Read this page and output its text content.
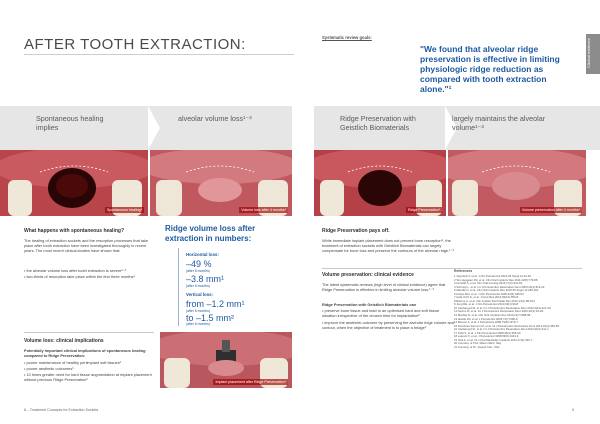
AFTER TOOTH EXTRACTION:	Systematic review goals:
"We found that alveolar ridge preservation is effective in limiting physiologic ridge reduction as compared with tooth extraction alone."¹
Clinical evidence
Spontaneous healing implies
alveolar volume loss¹⁻³	Ridge Preservation with Geistlich Biomaterials
largely maintains the alveolar volume¹⁻³
Spontaneous healing*	Volume loss after 4 months*	Ridge Preservation*	Volume preservation after 4 months*
What happens with spontaneous healing?
The healing of extraction sockets and the resorption processes that take place after tooth extraction have been investigated thoroughly in recent years. The most recent clinical studies have shown that:
• the alveolar volume loss after tooth extraction is severe¹⁻³
• two-thirds of resorption take place within the first three months⁴
Ridge volume loss after extraction in numbers:
Horizontal loss:
–49 %
(after 6 months)
–3.8 mm¹
(after 6 months)
Vertical loss:
from –1.2 mm¹
(after 6 months)
to –1.5 mm²
(after 6 months)
Volume loss: clinical implications
Potentially important clinical implications of spontaneous healing compared to Ridge Preservation:
• poorer maintenance of healthy periimplant soft tissues²
• poorer aesthetic outcomes³
• 10 times greater need for hard tissue augmentation at implant placement without previous Ridge Preservation⁵	Implant placement after Ridge Preservation*
Ridge Preservation pays off.
While immediate implant placement does not prevent bone resorption⁶, the treatment of extraction sockets with Geistlich Biomaterials can largely compensate for bone loss and preserve the contours of the alveolar ridge.¹⁻³
Volume preservation: clinical evidence
The latest systematic reviews (high level of clinical evidence) agree that Ridge Preservation is effective in limiting alveolar volume loss.¹⁻³
Ridge Preservation with Geistlich Biomaterials can
• preserve bone tissue and lead to an optimised hard and soft tissue situation irrespective of the chosen time for implantation⁸
• improve the aesthetic outcome by preserving the alveolar ridge volume and contour, when the objective of treatment is to place a bridge⁹
References
1 Vignoletti F, et al. J Clin Periodontol 2012;39 Suppl 12:22-40.
2 Ten Heggeler JM, et al. Clin Oral Implants Res 2011;22(8):779-88.
3 Horváth A, et al. Clin Oral Investig 2013;17(2):341-63.
4 Schropp L, et al. Int J Periodontics Restorative Dent 2003;23(4):313-23.
5 Mardas N, et al. Clin Oral Implants Res 2015;26 Suppl 11:180-201.
6 Araújo MG, et al. J Clin Periodontol 2005;32(6):645-52.
7 Avila-Ortiz G, et al. J Dent Res 2014;93(10):950-8.
8 Barone A, et al. Clin Implant Dent Relat Res 2012;14(1):98-104.
9 Jung RE, et al. J Clin Periodontol 2013;40(1):90-8.
10 Cardaropoli D, et al. Int J Periodontics Restorative Dent 2012;32(4):421-30.
11 Nevins M, et al. Int J Periodontics Restorative Dent 2006;26(1):19-29.
12 Mardas N, et al. Clin Oral Implants Res 2010;21(7):688-98.
13 Iasella JM, et al. J Periodontol 2003;74(7):990-9.
14 Barone A, et al. J Periodontol 2008;79(8):1370-7.
15 Perelman-Karmon M, et al. Int J Periodontics Restorative Dent 2012;32(4):459-65.
16 Cardaropoli D, et al. Int J Periodontics Restorative Dent 2014;34(2):211-7.
17 Fickl S, et al. J Clin Periodontol 2008;35(4):356-63.
18 Lekovic V, et al. J Periodontol 1998;69(9):1044-9.
19 Sisti A, et al. Int J Oral Maxillofac Implants 2012;27(2):430-7.
20 Courtesy of Prof. Mauro Merli, Italy.
21 Courtesy of Dr. Joseph Kan, USA.
8 – Treatment Concepts for Extraction Sockets	9
